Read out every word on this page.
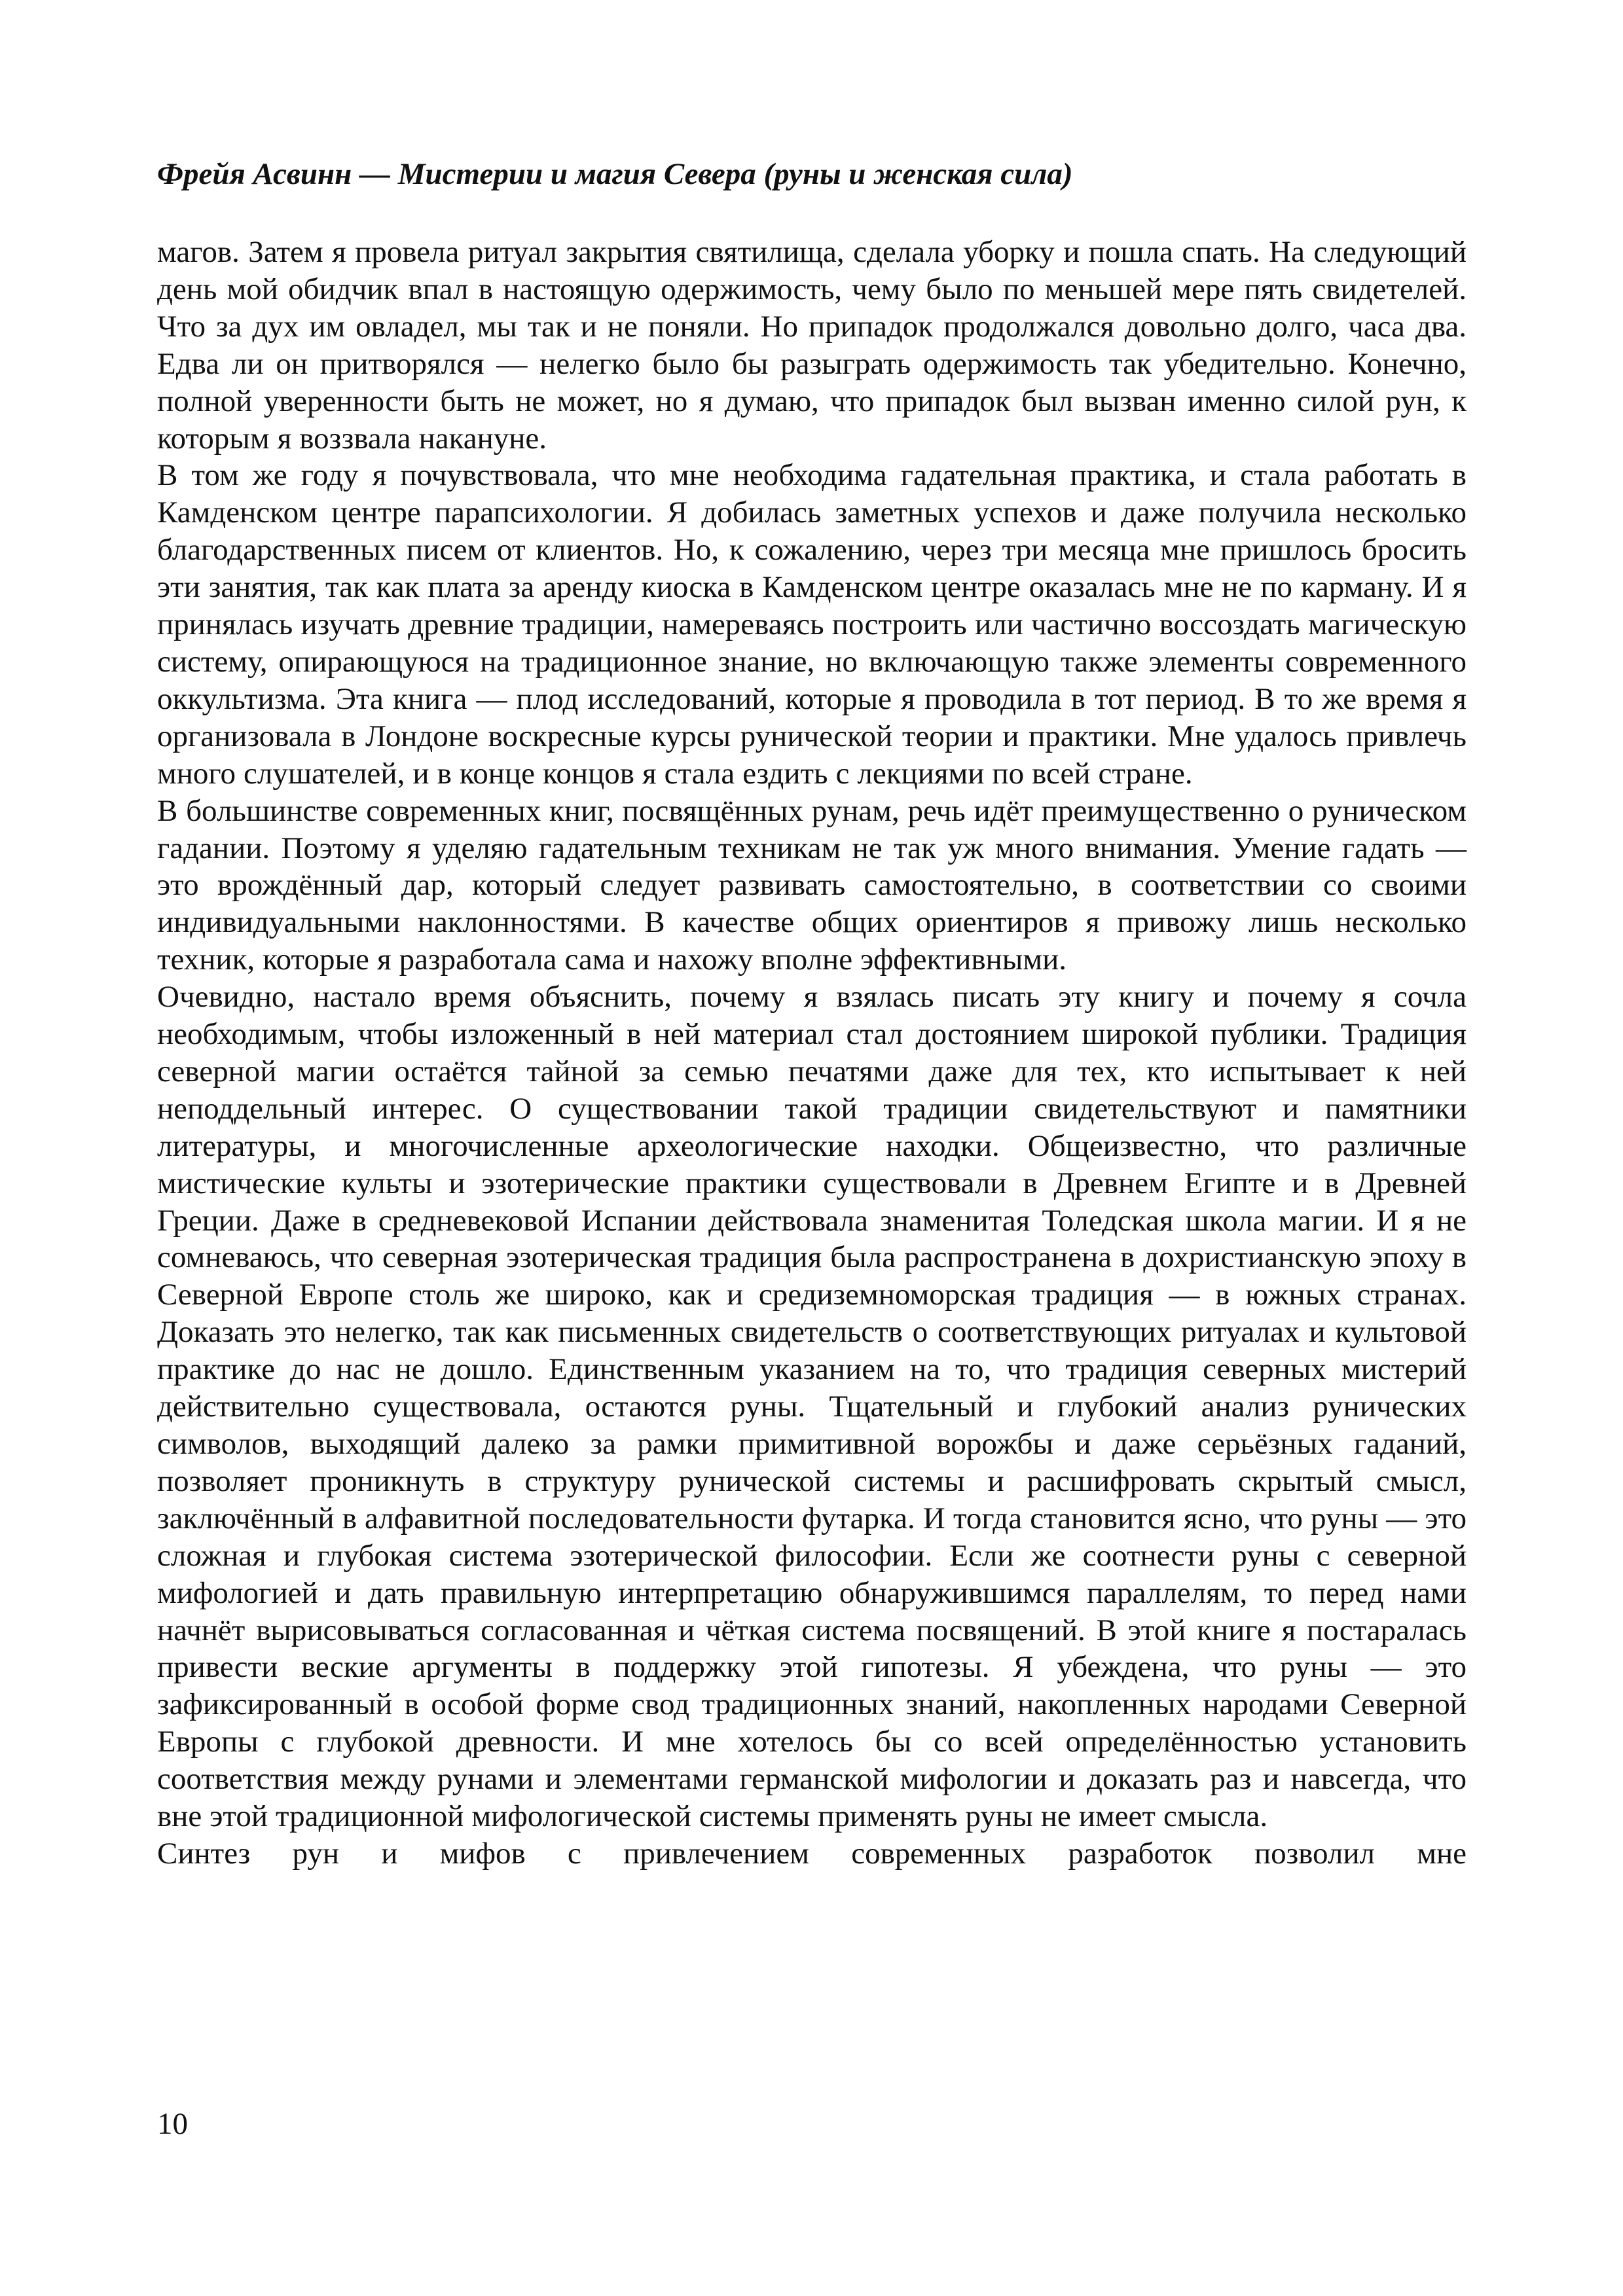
Фрейя Асвинн — Мистерии и магия Севера (руны и женская сила)

магов. Затем я провела ритуал закрытия святилища, сделала уборку и пошла спать. На следующий день мой обидчик впал в настоящую одержимость, чему было по меньшей мере пять свидетелей. Что за дух им овладел, мы так и не поняли. Но припадок продолжался довольно долго, часа два. Едва ли он притворялся — нелегко было бы разыграть одержимость так убедительно. Конечно, полной уверенности быть не может, но я думаю, что припадок был вызван именно силой рун, к которым я воззвала накануне.

В том же году я почувствовала, что мне необходима гадательная практика, и стала работать в Камденском центре парапсихологии. Я добилась заметных успехов и даже получила несколько благодарственных писем от клиентов. Но, к сожалению, через три месяца мне пришлось бросить эти занятия, так как плата за аренду киоска в Камденском центре оказалась мне не по карману. И я принялась изучать древние традиции, намереваясь построить или частично воссоздать магическую систему, опирающуюся на традиционное знание, но включающую также элементы современного оккультизма. Эта книга — плод исследований, которые я проводила в тот период. В то же время я организовала в Лондоне воскресные курсы рунической теории и практики. Мне удалось привлечь много слушателей, и в конце концов я стала ездить с лекциями по всей стране.

В большинстве современных книг, посвящённых рунам, речь идёт преимущественно о руническом гадании. Поэтому я уделяю гадательным техникам не так уж много внимания. Умение гадать — это врождённый дар, который следует развивать самостоятельно, в соответствии со своими индивидуальными наклонностями. В качестве общих ориентиров я привожу лишь несколько техник, которые я разработала сама и нахожу вполне эффективными.

Очевидно, настало время объяснить, почему я взялась писать эту книгу и почему я сочла необходимым, чтобы изложенный в ней материал стал достоянием широкой публики. Традиция северной магии остаётся тайной за семью печатями даже для тех, кто испытывает к ней неподдельный интерес. О существовании такой традиции свидетельствуют и памятники литературы, и многочисленные археологические находки. Общеизвестно, что различные мистические культы и эзотерические практики существовали в Древнем Египте и в Древней Греции. Даже в средневековой Испании действовала знаменитая Толедская школа магии. И я не сомневаюсь, что северная эзотерическая традиция была распространена в дохристианскую эпоху в Северной Европе столь же широко, как и средиземноморская традиция — в южных странах. Доказать это нелегко, так как письменных свидетельств о соответствующих ритуалах и культовой практике до нас не дошло. Единственным указанием на то, что традиция северных мистерий действительно существовала, остаются руны. Тщательный и глубокий анализ рунических символов, выходящий далеко за рамки примитивной ворожбы и даже серьёзных гаданий, позволяет проникнуть в структуру рунической системы и расшифровать скрытый смысл, заключённый в алфавитной последовательности футарка. И тогда становится ясно, что руны — это сложная и глубокая система эзотерической философии. Если же соотнести руны с северной мифологией и дать правильную интерпретацию обнаружившимся параллелям, то перед нами начнёт вырисовываться согласованная и чёткая система посвящений. В этой книге я постаралась привести веские аргументы в поддержку этой гипотезы. Я убеждена, что руны — это зафиксированный в особой форме свод традиционных знаний, накопленных народами Северной Европы с глубокой древности. И мне хотелось бы со всей определённостью установить соответствия между рунами и элементами германской мифологии и доказать раз и навсегда, что вне этой традиционной мифологической системы применять руны не имеет смысла.

Синтез рун и мифов с привлечением современных разработок позволил мне

10
